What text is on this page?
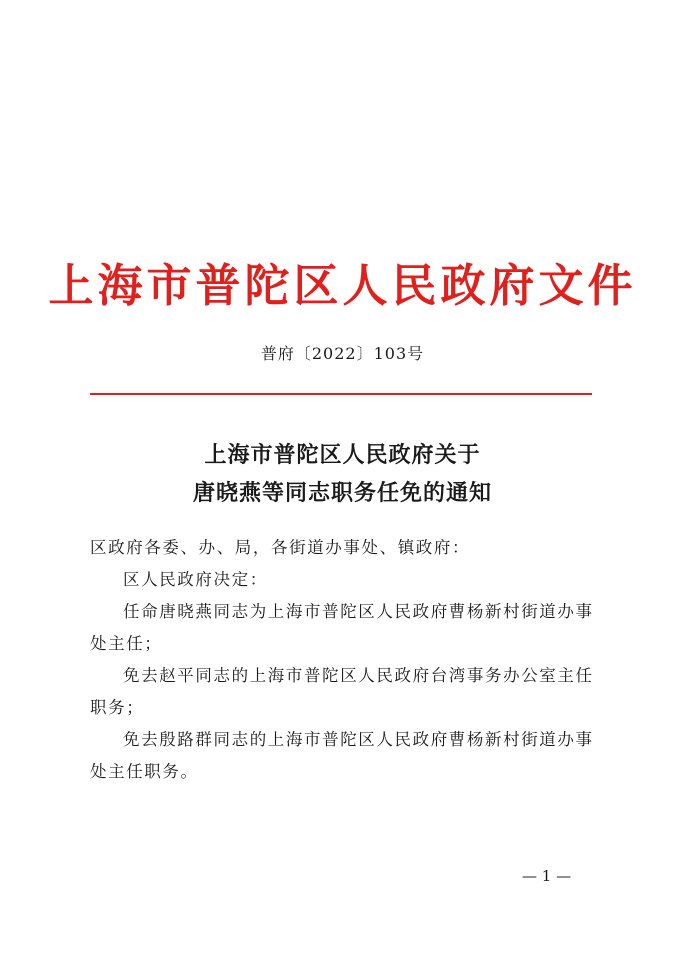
上海市普陀区人民政府文件
普府〔2022〕103号
上海市普陀区人民政府关于
唐晓燕等同志职务任免的通知

区政府各委、办、局，各街道办事处、镇政府：

区人民政府决定：

任命唐晓燕同志为上海市普陀区人民政府曹杨新村街道办事处主任；

免去赵平同志的上海市普陀区人民政府台湾事务办公室主任职务；

免去殷路群同志的上海市普陀区人民政府曹杨新村街道办事处主任职务。

— 1 —
